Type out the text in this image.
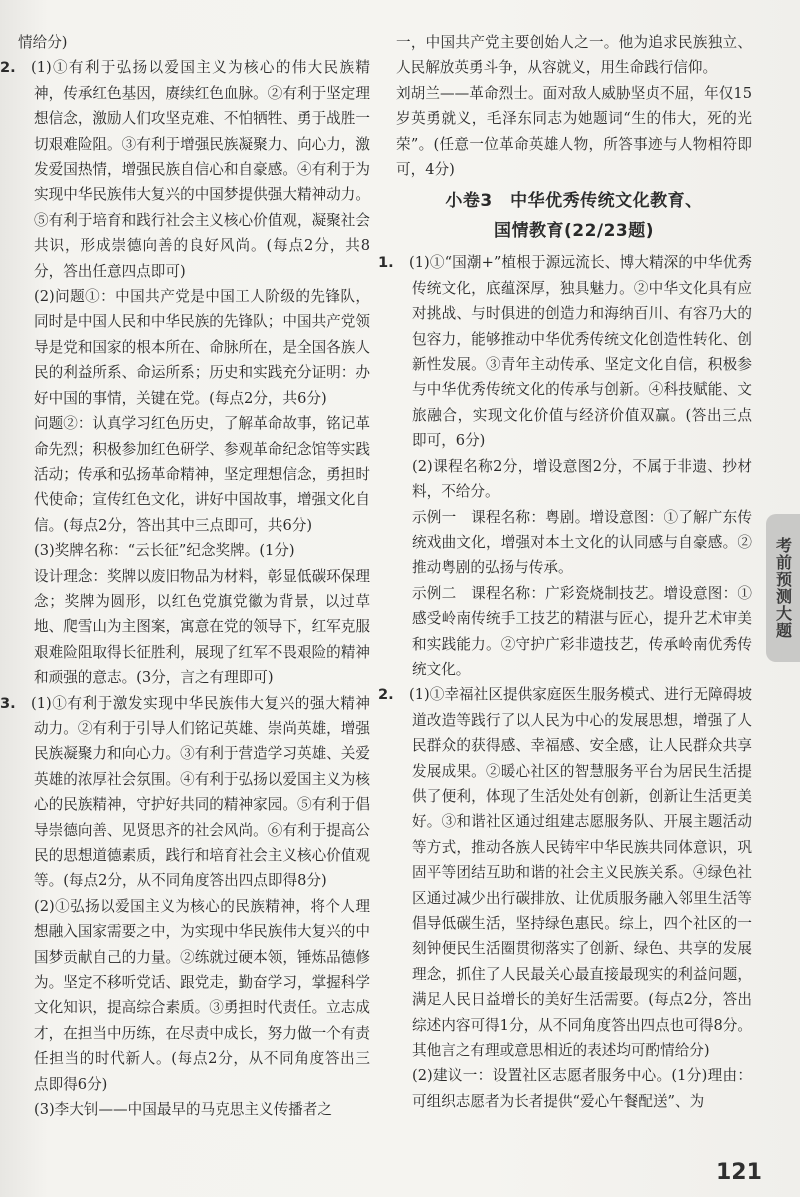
情给分)

2. (1)①有利于弘扬以爱国主义为核心的伟大民族精神，传承红色基因，赓续红色血脉。②有利于坚定理想信念，激励人们攻坚克难、不怕牺牲、勇于战胜一切艰难险阻。③有利于增强民族凝聚力、向心力，激发爱国热情，增强民族自信心和自豪感。④有利于为实现中华民族伟大复兴的中国梦提供强大精神动力。⑤有利于培育和践行社会主义核心价值观，凝聚社会共识，形成崇德向善的良好风尚。(每点2分，共8分，答出任意四点即可)

(2)问题①：中国共产党是中国工人阶级的先锋队，同时是中国人民和中华民族的先锋队；中国共产党领导是党和国家的根本所在、命脉所在，是全国各族人民的利益所系、命运所系；历史和实践充分证明：办好中国的事情，关键在党。(每点2分，共6分)

问题②：认真学习红色历史，了解革命故事，铭记革命先烈；积极参加红色研学、参观革命纪念馆等实践活动；传承和弘扬革命精神，坚定理想信念，勇担时代使命；宣传红色文化，讲好中国故事，增强文化自信。(每点2分，答出其中三点即可，共6分)

(3)奖牌名称：“云长征”纪念奖牌。(1分)

设计理念：奖牌以废旧物品为材料，彰显低碳环保理念；奖牌为圆形，以红色党旗党徽为背景，以过草地、爬雪山为主图案，寓意在党的领导下，红军克服艰难险阻取得长征胜利，展现了红军不畏艰险的精神和顽强的意志。(3分，言之有理即可)

3. (1)①有利于激发实现中华民族伟大复兴的强大精神动力。②有利于引导人们铭记英雄、崇尚英雄，增强民族凝聚力和向心力。③有利于营造学习英雄、关爱英雄的浓厚社会氛围。④有利于弘扬以爱国主义为核心的民族精神，守护好共同的精神家园。⑤有利于倡导崇德向善、见贤思齐的社会风尚。⑥有利于提高公民的思想道德素质，践行和培育社会主义核心价值观等。(每点2分，从不同角度答出四点即得8分)

(2)①弘扬以爱国主义为核心的民族精神，将个人理想融入国家需要之中，为实现中华民族伟大复兴的中国梦贡献自己的力量。②练就过硬本领，锤炼品德修为。坚定不移听党话、跟党走，勤奋学习，掌握科学文化知识，提高综合素质。③勇担时代责任。立志成才，在担当中历练，在尽责中成长，努力做一个有责任担当的时代新人。(每点2分，从不同角度答出三点即得6分)

(3)李大钊——中国最早的马克思主义传播者之

一，中国共产党主要创始人之一。他为追求民族独立、人民解放英勇斗争，从容就义，用生命践行信仰。

刘胡兰——革命烈士。面对敌人威胁坚贞不屈，年仅15岁英勇就义，毛泽东同志为她题词“生的伟大，死的光荣”。(任意一位革命英雄人物，所答事迹与人物相符即可，4分)

小卷3　中华优秀传统文化教育、
国情教育(22/23题)

1. (1)①“国潮+”植根于源远流长、博大精深的中华优秀传统文化，底蕴深厚，独具魅力。②中华文化具有应对挑战、与时俱进的创造力和海纳百川、有容乃大的包容力，能够推动中华优秀传统文化创造性转化、创新性发展。③青年主动传承、坚定文化自信，积极参与中华优秀传统文化的传承与创新。④科技赋能、文旅融合，实现文化价值与经济价值双赢。(答出三点即可，6分)

(2)课程名称2分，增设意图2分，不属于非遗、抄材料，不给分。

示例一　课程名称：粤剧。增设意图：①了解广东传统戏曲文化，增强对本土文化的认同感与自豪感。②推动粤剧的弘扬与传承。

示例二　课程名称：广彩瓷烧制技艺。增设意图：①感受岭南传统手工技艺的精湛与匠心，提升艺术审美和实践能力。②守护广彩非遗技艺，传承岭南优秀传统文化。

2. (1)①幸福社区提供家庭医生服务模式、进行无障碍坡道改造等践行了以人民为中心的发展思想，增强了人民群众的获得感、幸福感、安全感，让人民群众共享发展成果。②暖心社区的智慧服务平台为居民生活提供了便利，体现了生活处处有创新，创新让生活更美好。③和谐社区通过组建志愿服务队、开展主题活动等方式，推动各族人民铸牢中华民族共同体意识，巩固平等团结互助和谐的社会主义民族关系。④绿色社区通过减少出行碳排放、让优质服务融入邻里生活等倡导低碳生活，坚持绿色惠民。综上，四个社区的一刻钟便民生活圈贯彻落实了创新、绿色、共享的发展理念，抓住了人民最关心最直接最现实的利益问题，满足人民日益增长的美好生活需要。(每点2分，答出综述内容可得1分，从不同角度答出四点也可得8分。其他言之有理或意思相近的表述均可酌情给分)

(2)建议一：设置社区志愿者服务中心。(1分)理由：可组织志愿者为长者提供“爱心午餐配送”、为

考前预测大题
121
